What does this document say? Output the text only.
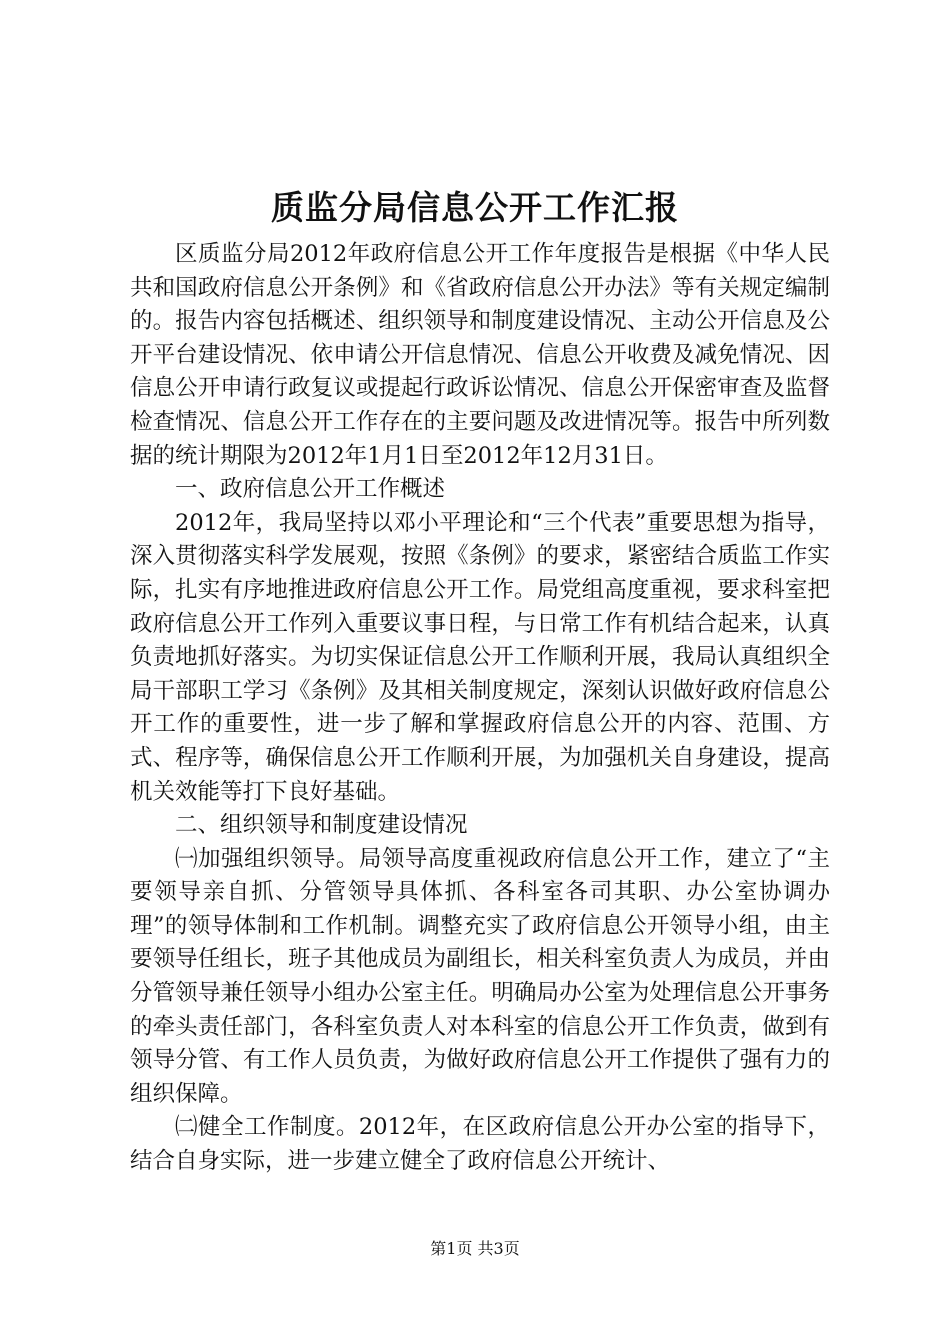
质监分局信息公开工作汇报

区质监分局2012年政府信息公开工作年度报告是根据《中华人民共和国政府信息公开条例》和《省政府信息公开办法》等有关规定编制的。报告内容包括概述、组织领导和制度建设情况、主动公开信息及公开平台建设情况、依申请公开信息情况、信息公开收费及减免情况、因信息公开申请行政复议或提起行政诉讼情况、信息公开保密审查及监督检查情况、信息公开工作存在的主要问题及改进情况等。报告中所列数据的统计期限为2012年1月1日至2012年12月31日。

一、政府信息公开工作概述

2012年，我局坚持以邓小平理论和“三个代表”重要思想为指导，深入贯彻落实科学发展观，按照《条例》的要求，紧密结合质监工作实际，扎实有序地推进政府信息公开工作。局党组高度重视，要求科室把政府信息公开工作列入重要议事日程，与日常工作有机结合起来，认真负责地抓好落实。为切实保证信息公开工作顺利开展，我局认真组织全局干部职工学习《条例》及其相关制度规定，深刻认识做好政府信息公开工作的重要性，进一步了解和掌握政府信息公开的内容、范围、方式、程序等，确保信息公开工作顺利开展，为加强机关自身建设，提高机关效能等打下良好基础。

二、组织领导和制度建设情况

㈠加强组织领导。局领导高度重视政府信息公开工作，建立了“主要领导亲自抓、分管领导具体抓、各科室各司其职、办公室协调办理”的领导体制和工作机制。调整充实了政府信息公开领导小组，由主要领导任组长，班子其他成员为副组长，相关科室负责人为成员，并由分管领导兼任领导小组办公室主任。明确局办公室为处理信息公开事务的牵头责任部门，各科室负责人对本科室的信息公开工作负责，做到有领导分管、有工作人员负责，为做好政府信息公开工作提供了强有力的组织保障。

㈡健全工作制度。2012年，在区政府信息公开办公室的指导下，结合自身实际，进一步建立健全了政府信息公开统计、

第1页 共3页
